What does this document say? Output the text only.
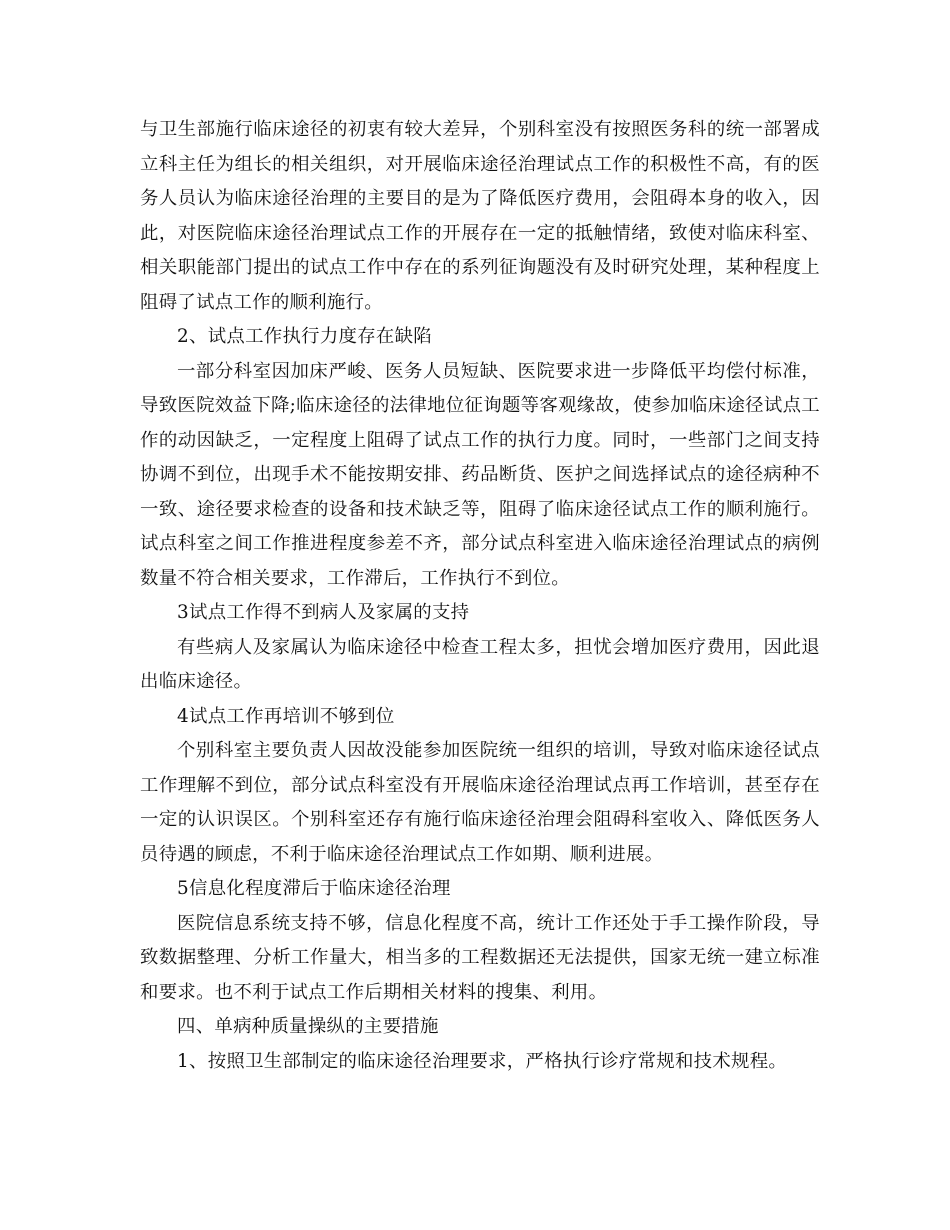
与卫生部施行临床途径的初衷有较大差异，个别科室没有按照医务科的统一部署成立科主任为组长的相关组织，对开展临床途径治理试点工作的积极性不高，有的医务人员认为临床途径治理的主要目的是为了降低医疗费用，会阻碍本身的收入，因此，对医院临床途径治理试点工作的开展存在一定的抵触情绪，致使对临床科室、相关职能部门提出的试点工作中存在的系列征询题没有及时研究处理，某种程度上阻碍了试点工作的顺利施行。

2、试点工作执行力度存在缺陷

一部分科室因加床严峻、医务人员短缺、医院要求进一步降低平均偿付标准，导致医院效益下降;临床途径的法律地位征询题等客观缘故，使参加临床途径试点工作的动因缺乏，一定程度上阻碍了试点工作的执行力度。同时，一些部门之间支持协调不到位，出现手术不能按期安排、药品断货、医护之间选择试点的途径病种不一致、途径要求检查的设备和技术缺乏等，阻碍了临床途径试点工作的顺利施行。试点科室之间工作推进程度参差不齐，部分试点科室进入临床途径治理试点的病例数量不符合相关要求，工作滞后，工作执行不到位。

3试点工作得不到病人及家属的支持

有些病人及家属认为临床途径中检查工程太多，担忧会增加医疗费用，因此退出临床途径。

4试点工作再培训不够到位

个别科室主要负责人因故没能参加医院统一组织的培训，导致对临床途径试点工作理解不到位，部分试点科室没有开展临床途径治理试点再工作培训，甚至存在一定的认识误区。个别科室还存有施行临床途径治理会阻碍科室收入、降低医务人员待遇的顾虑，不利于临床途径治理试点工作如期、顺利进展。

5信息化程度滞后于临床途径治理

医院信息系统支持不够，信息化程度不高，统计工作还处于手工操作阶段，导致数据整理、分析工作量大，相当多的工程数据还无法提供，国家无统一建立标准和要求。也不利于试点工作后期相关材料的搜集、利用。

四、单病种质量操纵的主要措施

1、按照卫生部制定的临床途径治理要求，严格执行诊疗常规和技术规程。
